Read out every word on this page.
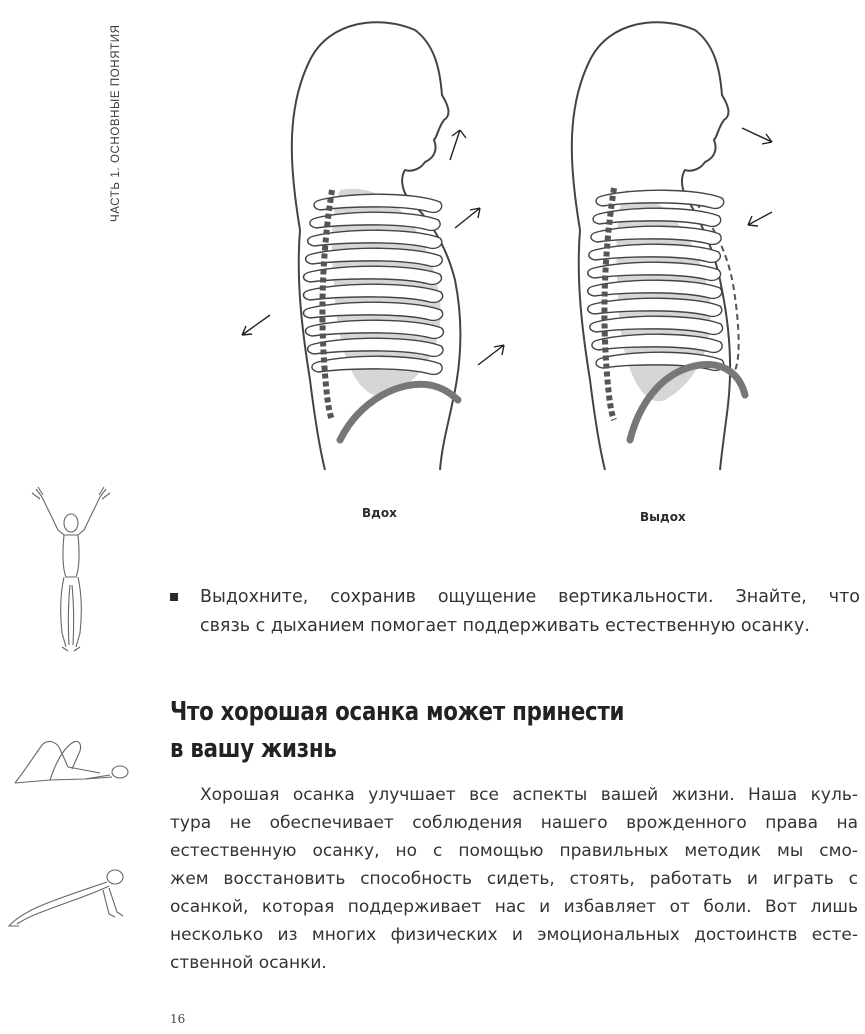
ЧАСТЬ 1. ОСНОВНЫЕ ПОНЯТИЯ
Вдох	Выдох
Выдохните, сохранив ощущение вертикальности. Знайте, что
связь с дыханием помогает поддерживать естественную осанку.
Что хорошая осанка может принести
в вашу жизнь
Хорошая осанка улучшает все аспекты вашей жизни. Наша куль-
тура не обеспечивает соблюдения нашего врожденного права на
естественную осанку, но с помощью правильных методик мы смо-
жем восстановить способность сидеть, стоять, работать и играть с
осанкой, которая поддерживает нас и избавляет от боли. Вот лишь
несколько из многих физических и эмоциональных достоинств есте-
ственной осанки.
16
